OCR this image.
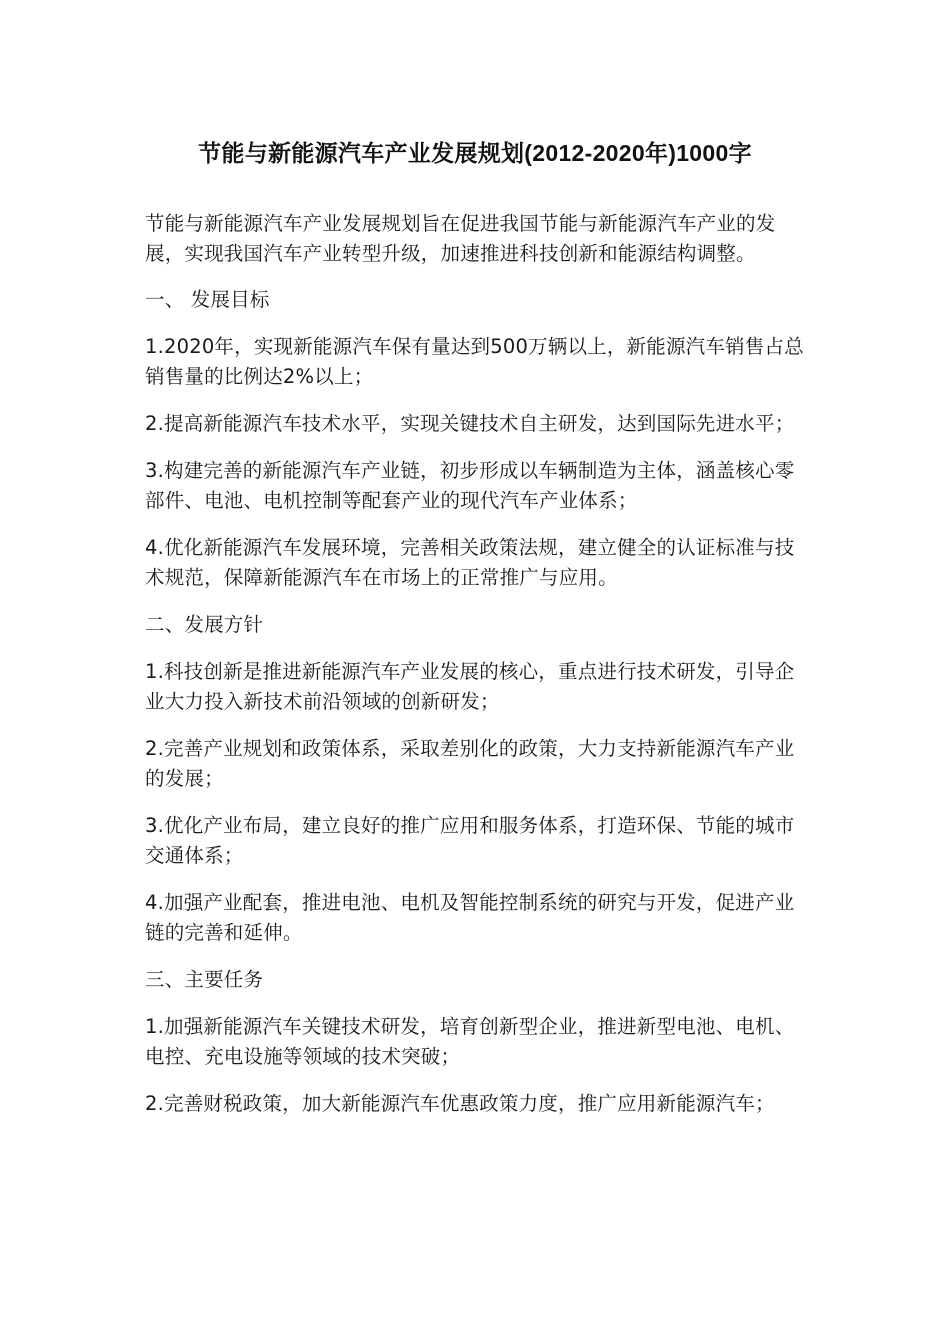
节能与新能源汽车产业发展规划(2012-2020年)1000字

节能与新能源汽车产业发展规划旨在促进我国节能与新能源汽车产业的发展，实现我国汽车产业转型升级，加速推进科技创新和能源结构调整。

一、 发展目标

1.2020年，实现新能源汽车保有量达到500万辆以上，新能源汽车销售占总销售量的比例达2%以上；

2.提高新能源汽车技术水平，实现关键技术自主研发，达到国际先进水平；

3.构建完善的新能源汽车产业链，初步形成以车辆制造为主体，涵盖核心零部件、电池、电机控制等配套产业的现代汽车产业体系；

4.优化新能源汽车发展环境，完善相关政策法规，建立健全的认证标准与技术规范，保障新能源汽车在市场上的正常推广与应用。

二、发展方针

1.科技创新是推进新能源汽车产业发展的核心，重点进行技术研发，引导企业大力投入新技术前沿领域的创新研发；

2.完善产业规划和政策体系，采取差别化的政策，大力支持新能源汽车产业的发展；

3.优化产业布局，建立良好的推广应用和服务体系，打造环保、节能的城市交通体系；

4.加强产业配套，推进电池、电机及智能控制系统的研究与开发，促进产业链的完善和延伸。

三、主要任务

1.加强新能源汽车关键技术研发，培育创新型企业，推进新型电池、电机、电控、充电设施等领域的技术突破；

2.完善财税政策，加大新能源汽车优惠政策力度，推广应用新能源汽车；
